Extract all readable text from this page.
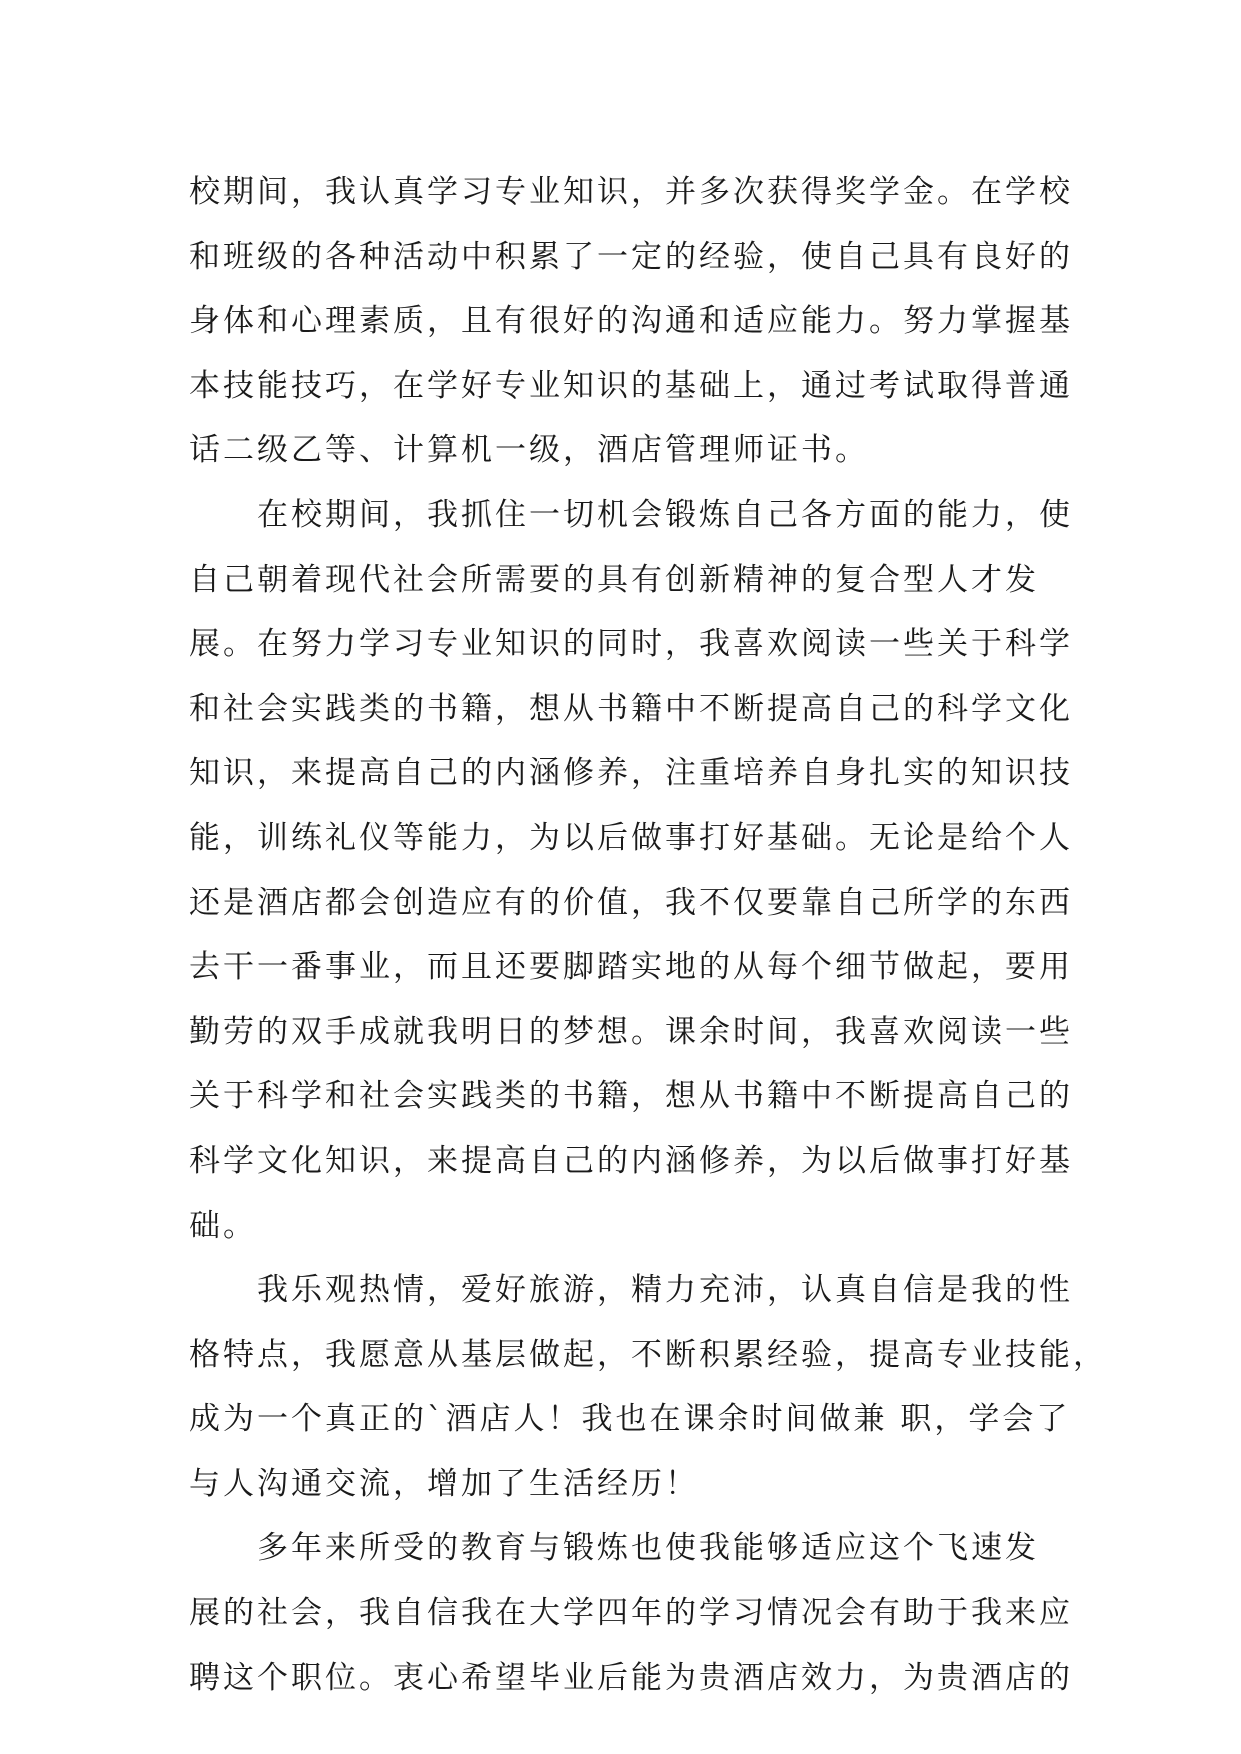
校期间，我认真学习专业知识，并多次获得奖学金。在学校
和班级的各种活动中积累了一定的经验，使自己具有良好的
身体和心理素质，且有很好的沟通和适应能力。努力掌握基
本技能技巧，在学好专业知识的基础上，通过考试取得普通
话二级乙等、计算机一级，酒店管理师证书。
在校期间，我抓住一切机会锻炼自己各方面的能力，使
自己朝着现代社会所需要的具有创新精神的复合型人才发
展。在努力学习专业知识的同时，我喜欢阅读一些关于科学
和社会实践类的书籍，想从书籍中不断提高自己的科学文化
知识，来提高自己的内涵修养，注重培养自身扎实的知识技
能，训练礼仪等能力，为以后做事打好基础。无论是给个人
还是酒店都会创造应有的价值，我不仅要靠自己所学的东西
去干一番事业，而且还要脚踏实地的从每个细节做起，要用
勤劳的双手成就我明日的梦想。课余时间，我喜欢阅读一些
关于科学和社会实践类的书籍，想从书籍中不断提高自己的
科学文化知识，来提高自己的内涵修养，为以后做事打好基
础。
我乐观热情，爱好旅游，精力充沛，认真自信是我的性
格特点，我愿意从基层做起，不断积累经验，提高专业技能，
成为一个真正的`酒店人！我也在课余时间做兼 职，学会了
与人沟通交流，增加了生活经历！
多年来所受的教育与锻炼也使我能够适应这个飞速发
展的社会，我自信我在大学四年的学习情况会有助于我来应
聘这个职位。衷心希望毕业后能为贵酒店效力，为贵酒店的
